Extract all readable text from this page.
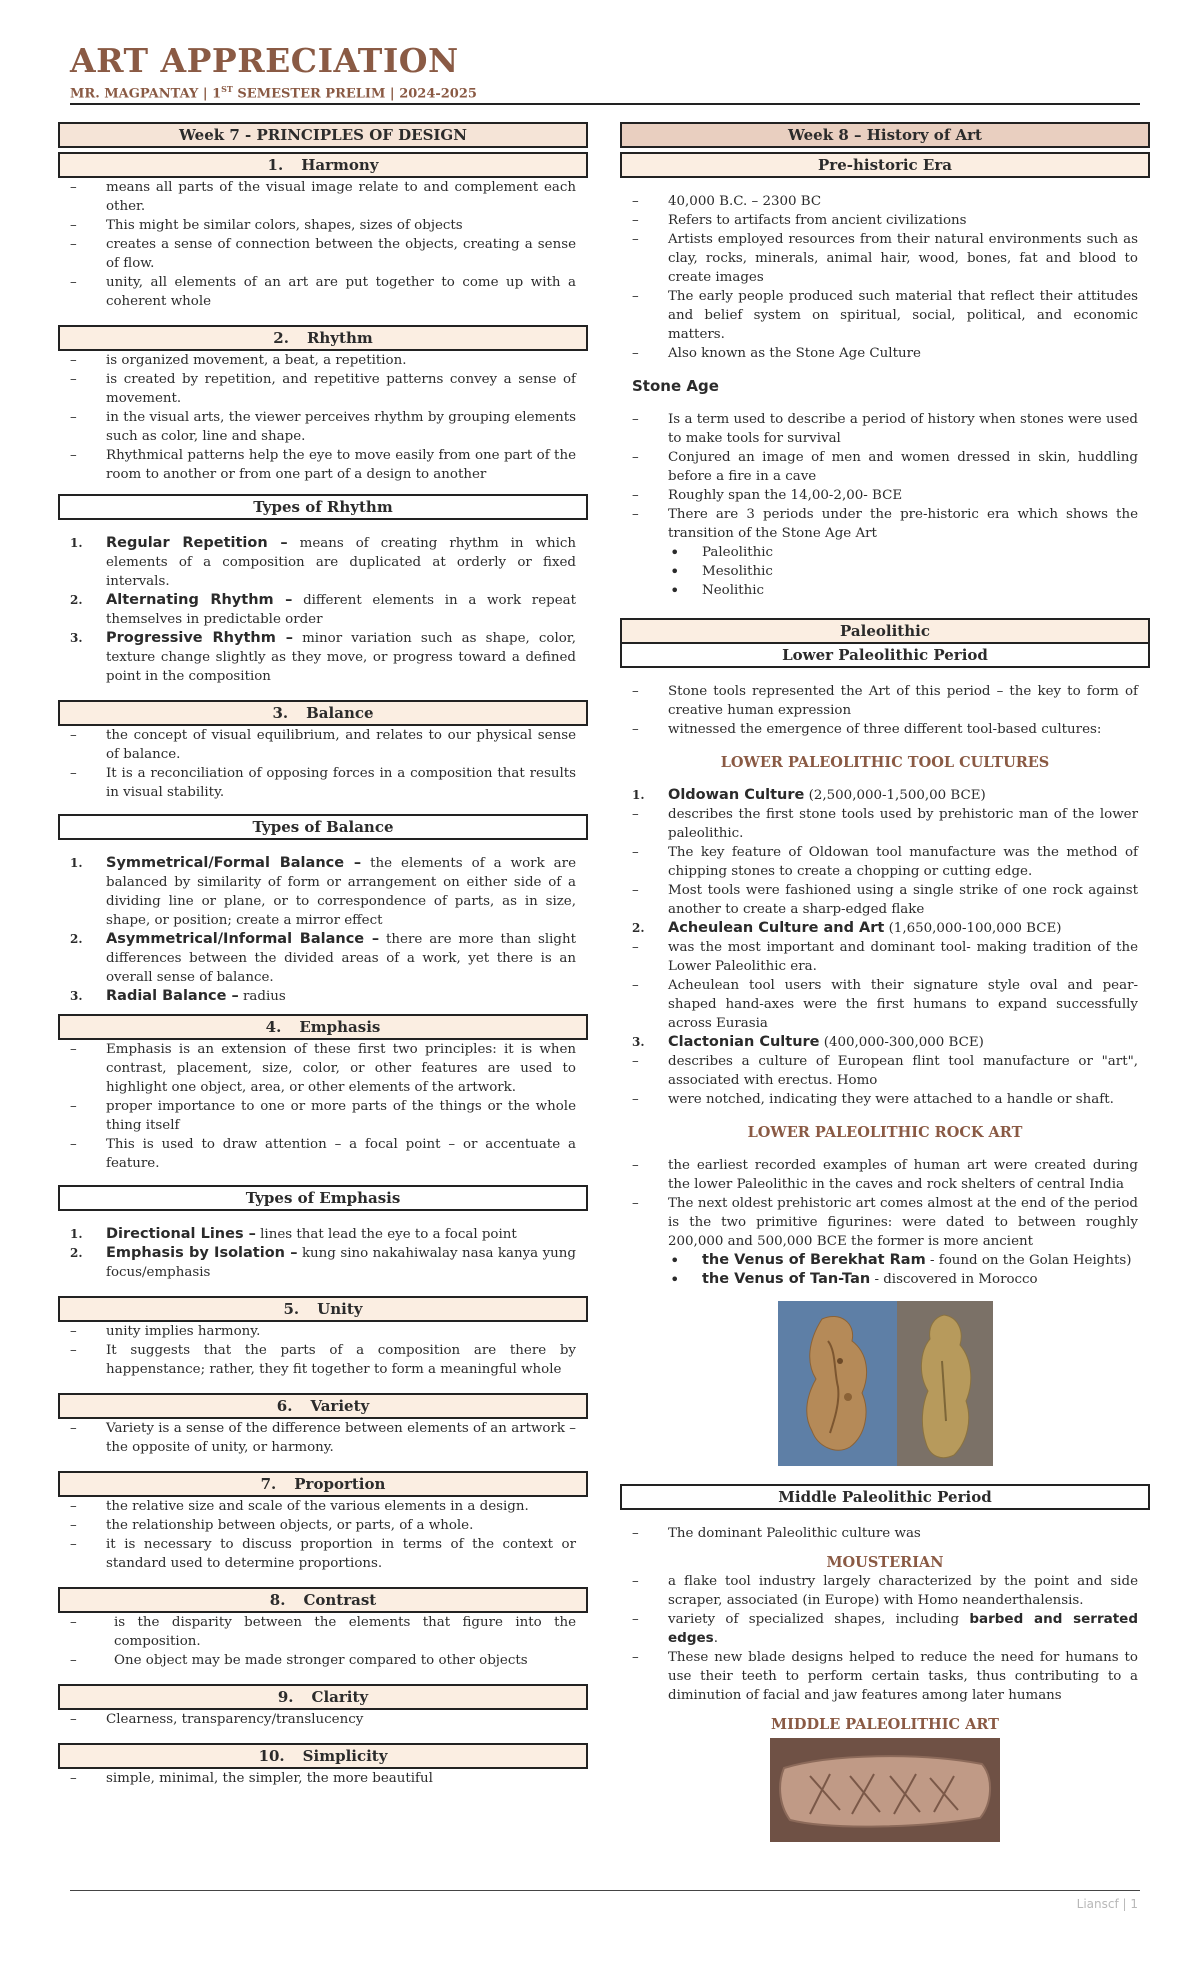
ART APPRECIATION
MR. MAGPANTAY | 1ST SEMESTER PRELIM | 2024-2025
Week 7 - PRINCIPLES OF DESIGN
1. Harmony
– means all parts of the visual image relate to and complement each other.
– This might be similar colors, shapes, sizes of objects
– creates a sense of connection between the objects, creating a sense of flow.
– unity, all elements of an art are put together to come up with a coherent whole
2. Rhythm
– is organized movement, a beat, a repetition.
– is created by repetition, and repetitive patterns convey a sense of movement.
– in the visual arts, the viewer perceives rhythm by grouping elements such as color, line and shape.
– Rhythmical patterns help the eye to move easily from one part of the room to another or from one part of a design to another
Types of Rhythm
1. Regular Repetition – means of creating rhythm in which elements of a composition are duplicated at orderly or fixed intervals.
2. Alternating Rhythm – different elements in a work repeat themselves in predictable order
3. Progressive Rhythm – minor variation such as shape, color, texture change slightly as they move, or progress toward a defined point in the composition
3. Balance
– the concept of visual equilibrium, and relates to our physical sense of balance.
– It is a reconciliation of opposing forces in a composition that results in visual stability.
Types of Balance
1. Symmetrical/Formal Balance – the elements of a work are balanced by similarity of form or arrangement on either side of a dividing line or plane, or to correspondence of parts, as in size, shape, or position; create a mirror effect
2. Asymmetrical/Informal Balance – there are more than slight differences between the divided areas of a work, yet there is an overall sense of balance.
3. Radial Balance – radius
4. Emphasis
– Emphasis is an extension of these first two principles: it is when contrast, placement, size, color, or other features are used to highlight one object, area, or other elements of the artwork.
– proper importance to one or more parts of the things or the whole thing itself
– This is used to draw attention – a focal point – or accentuate a feature.
Types of Emphasis
1. Directional Lines – lines that lead the eye to a focal point
2. Emphasis by Isolation – kung sino nakahiwalay nasa kanya yung focus/emphasis
5. Unity
– unity implies harmony.
– It suggests that the parts of a composition are there by happenstance; rather, they fit together to form a meaningful whole
6. Variety
– Variety is a sense of the difference between elements of an artwork – the opposite of unity, or harmony.
7. Proportion
– the relative size and scale of the various elements in a design.
– the relationship between objects, or parts, of a whole.
– it is necessary to discuss proportion in terms of the context or standard used to determine proportions.
8. Contrast
– is the disparity between the elements that figure into the composition.
– One object may be made stronger compared to other objects
9. Clarity
– Clearness, transparency/translucency
10. Simplicity
– simple, minimal, the simpler, the more beautiful
Week 8 – History of Art
Pre-historic Era
– 40,000 B.C. – 2300 BC
– Refers to artifacts from ancient civilizations
– Artists employed resources from their natural environments such as clay, rocks, minerals, animal hair, wood, bones, fat and blood to create images
– The early people produced such material that reflect their attitudes and belief system on spiritual, social, political, and economic matters.
– Also known as the Stone Age Culture
Stone Age
– Is a term used to describe a period of history when stones were used to make tools for survival
– Conjured an image of men and women dressed in skin, huddling before a fire in a cave
– Roughly span the 14,00-2,00- BCE
– There are 3 periods under the pre-historic era which shows the transition of the Stone Age Art
• Paleolithic
• Mesolithic
• Neolithic
Paleolithic
Lower Paleolithic Period
– Stone tools represented the Art of this period – the key to form of creative human expression
– witnessed the emergence of three different tool-based cultures:
LOWER PALEOLITHIC TOOL CULTURES
1. Oldowan Culture (2,500,000-1,500,00 BCE)
– describes the first stone tools used by prehistoric man of the lower paleolithic.
– The key feature of Oldowan tool manufacture was the method of chipping stones to create a chopping or cutting edge.
– Most tools were fashioned using a single strike of one rock against another to create a sharp-edged flake
2. Acheulean Culture and Art (1,650,000-100,000 BCE)
– was the most important and dominant tool- making tradition of the Lower Paleolithic era.
– Acheulean tool users with their signature style oval and pear- shaped hand-axes were the first humans to expand successfully across Eurasia
3. Clactonian Culture (400,000-300,000 BCE)
– describes a culture of European flint tool manufacture or "art", associated with erectus. Homo
– were notched, indicating they were attached to a handle or shaft.
LOWER PALEOLITHIC ROCK ART
– the earliest recorded examples of human art were created during the lower Paleolithic in the caves and rock shelters of central India
– The next oldest prehistoric art comes almost at the end of the period is the two primitive figurines: were dated to between roughly 200,000 and 500,000 BCE the former is more ancient
• the Venus of Berekhat Ram - found on the Golan Heights)
• the Venus of Tan-Tan - discovered in Morocco
Middle Paleolithic Period
– The dominant Paleolithic culture was
MOUSTERIAN
– a flake tool industry largely characterized by the point and side scraper, associated (in Europe) with Homo neanderthalensis.
– variety of specialized shapes, including barbed and serrated edges.
– These new blade designs helped to reduce the need for humans to use their teeth to perform certain tasks, thus contributing to a diminution of facial and jaw features among later humans
MIDDLE PALEOLITHIC ART
Lianscf | 1
